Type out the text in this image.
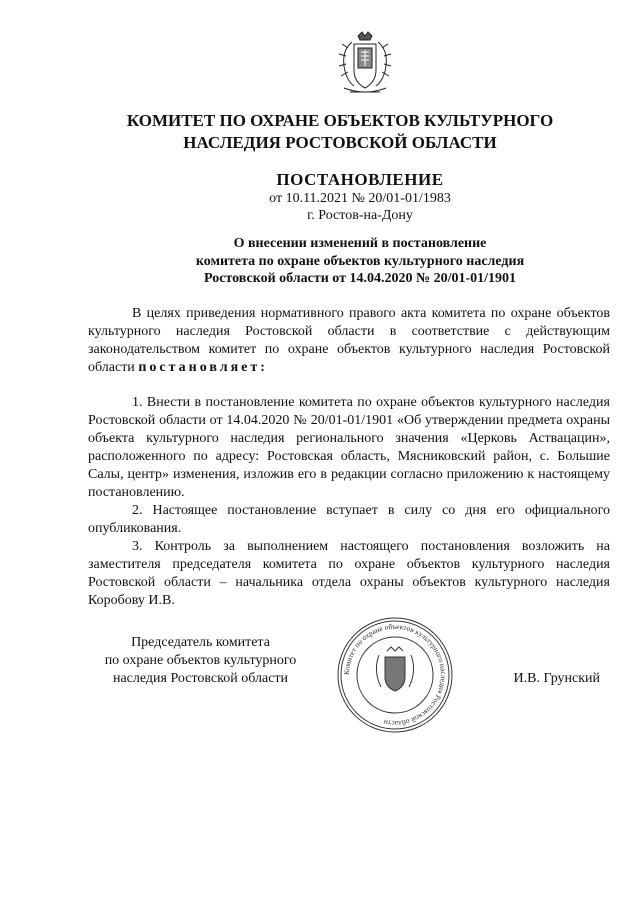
КОМИТЕТ ПО ОХРАНЕ ОБЪЕКТОВ КУЛЬТУРНОГО
НАСЛЕДИЯ РОСТОВСКОЙ ОБЛАСТИ
ПОСТАНОВЛЕНИЕ
от 10.11.2021 № 20/01-01/1983
г. Ростов-на-Дону
О внесении изменений в постановление
комитета по охране объектов культурного наследия
Ростовской области от 14.04.2020 № 20/01-01/1901

В целях приведения нормативного правого акта комитета по охране объектов культурного наследия Ростовской области в соответствие с действующим законодательством комитет по охране объектов культурного наследия Ростовской области постановляет:

1. Внести в постановление комитета по охране объектов культурного наследия Ростовской области от 14.04.2020 № 20/01-01/1901 «Об утверждении предмета охраны объекта культурного наследия регионального значения «Церковь Аствацацин», расположенного по адресу: Ростовская область, Мясниковский район, с. Большие Салы, центр» изменения, изложив его в редакции согласно приложению к настоящему постановлению.

2. Настоящее постановление вступает в силу со дня его официального опубликования.

3. Контроль за выполнением настоящего постановления возложить на заместителя председателя комитета по охране объектов культурного наследия Ростовской области – начальника отдела охраны объектов культурного наследия Коробову И.В.

Председатель комитета
по охране объектов культурного
наследия Ростовской области	Комитет по охране объектов культурного наследия Ростовской области
И.В. Грунский
